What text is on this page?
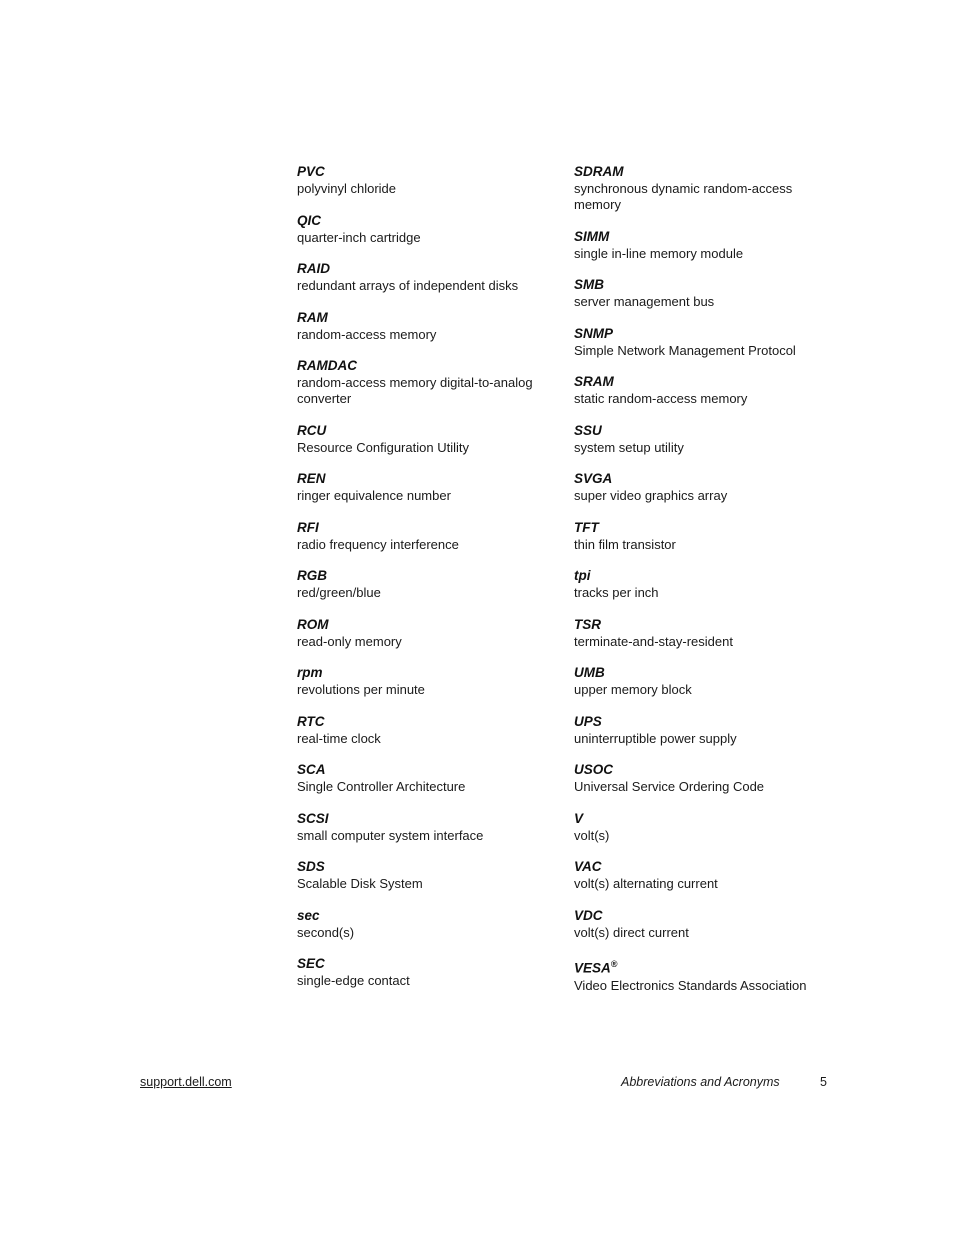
PVC
polyvinyl chloride
QIC
quarter-inch cartridge
RAID
redundant arrays of independent disks
RAM
random-access memory
RAMDAC
random-access memory digital-to-analog converter
RCU
Resource Configuration Utility
REN
ringer equivalence number
RFI
radio frequency interference
RGB
red/green/blue
ROM
read-only memory
rpm
revolutions per minute
RTC
real-time clock
SCA
Single Controller Architecture
SCSI
small computer system interface
SDS
Scalable Disk System
sec
second(s)
SEC
single-edge contact
SDRAM
synchronous dynamic random-access memory
SIMM
single in-line memory module
SMB
server management bus
SNMP
Simple Network Management Protocol
SRAM
static random-access memory
SSU
system setup utility
SVGA
super video graphics array
TFT
thin film transistor
tpi
tracks per inch
TSR
terminate-and-stay-resident
UMB
upper memory block
UPS
uninterruptible power supply
USOC
Universal Service Ordering Code
V
volt(s)
VAC
volt(s) alternating current
VDC
volt(s) direct current
VESA®
Video Electronics Standards Association
support.dell.com	Abbreviations and Acronyms	5
